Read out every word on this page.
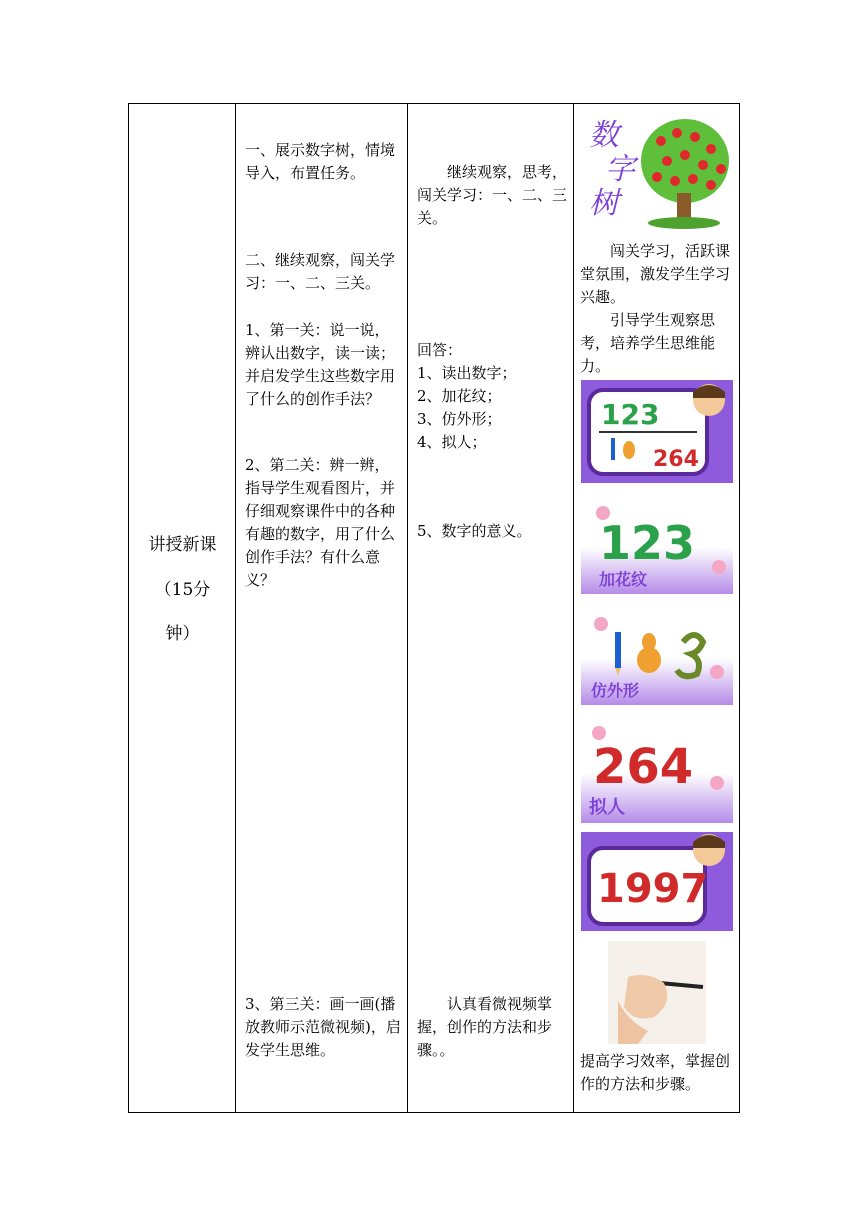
讲授新课
（15分
钟）
一、展示数字树，情境导入，布置任务。
二、继续观察，闯关学习：一、二、三关。
1、第一关：说一说，辨认出数字，读一读；并启发学生这些数字用了什么的创作手法？
2、第二关：辨一辨，指导学生观看图片，并仔细观察课件中的各种有趣的数字，用了什么创作手法？有什么意义？
3、第三关：画一画(播放教师示范微视频)，启发学生思维。
继续观察，思考，闯关学习：一、二、三关。
回答：
1、读出数字；
2、加花纹；
3、仿外形；
4、拟人；
5、数字的意义。
认真看微视频掌握，创作的方法和步骤。。
数
字
树
闯关学习，活跃课堂氛围，激发学生学习兴趣。
引导学生观察思考，培养学生思维能力。
123
264
123
加花纹
仿外形
264
拟人
1997
提高学习效率，掌握创作的方法和步骤。
